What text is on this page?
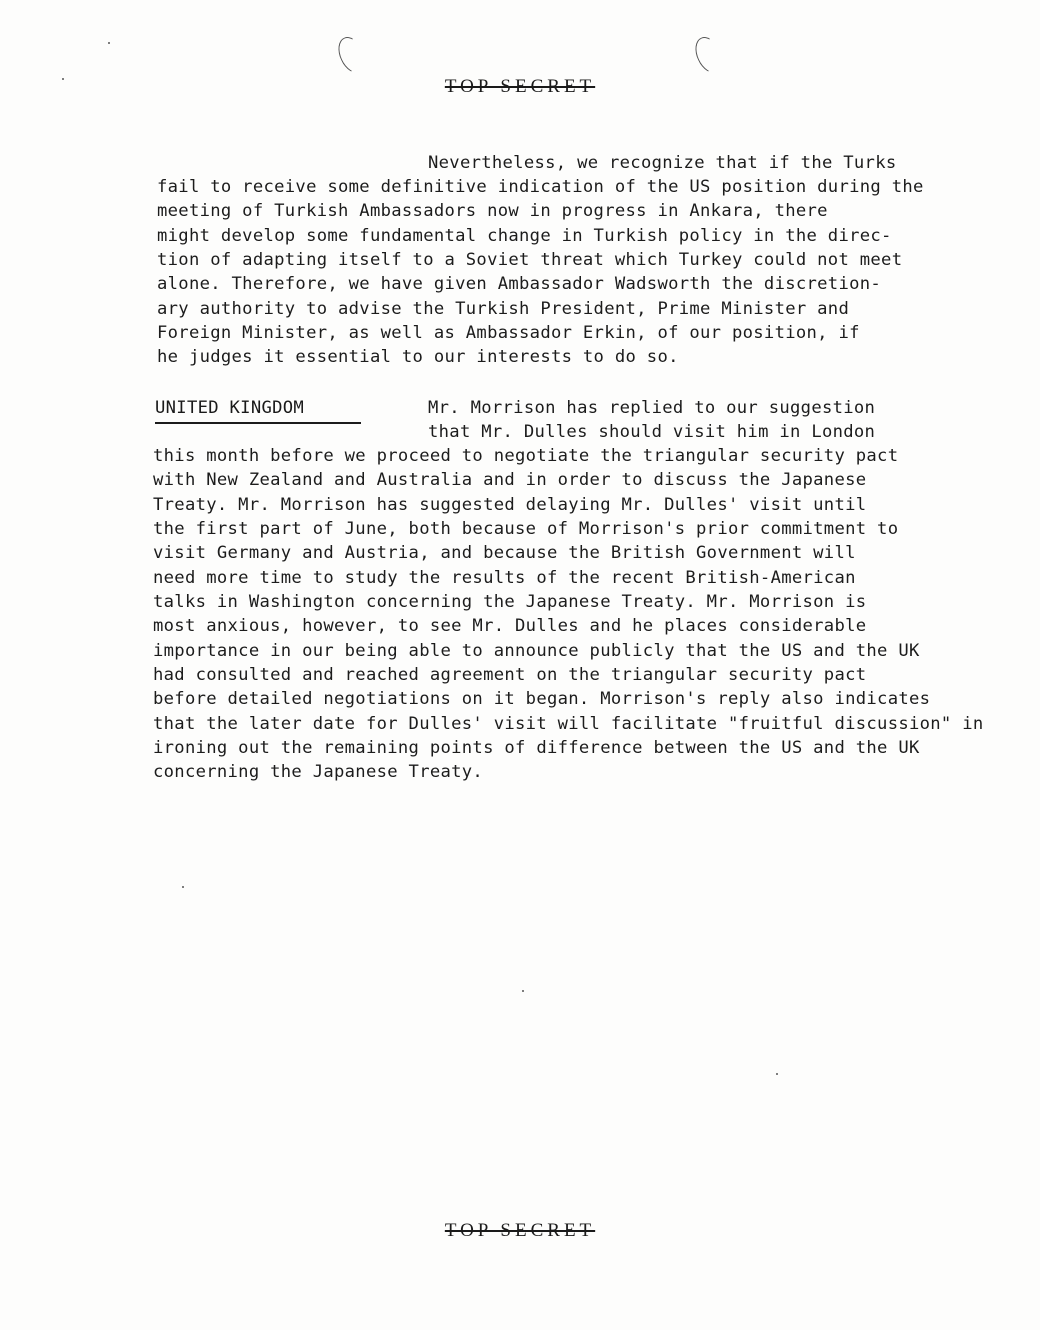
TOP SECRET
Nevertheless, we recognize that if the Turks
fail to receive some definitive indication of the US position during the
meeting of Turkish Ambassadors now in progress in Ankara, there
might develop some fundamental change in Turkish policy in the direc-
tion of adapting itself to a Soviet threat which Turkey could not meet
alone. Therefore, we have given Ambassador Wadsworth the discretion-
ary authority to advise the Turkish President, Prime Minister and
Foreign Minister, as well as Ambassador Erkin, of our position, if
he judges it essential to our interests to do so.
UNITED KINGDOM	Mr. Morrison has replied to our suggestion
that Mr. Dulles should visit him in London
this month before we proceed to negotiate the triangular security pact
with New Zealand and Australia and in order to discuss the Japanese
Treaty. Mr. Morrison has suggested delaying Mr. Dulles' visit until
the first part of June, both because of Morrison's prior commitment to
visit Germany and Austria, and because the British Government will
need more time to study the results of the recent British-American
talks in Washington concerning the Japanese Treaty. Mr. Morrison is
most anxious, however, to see Mr. Dulles and he places considerable
importance in our being able to announce publicly that the US and the UK
had consulted and reached agreement on the triangular security pact
before detailed negotiations on it began. Morrison's reply also indicates
that the later date for Dulles' visit will facilitate "fruitful discussion" in
ironing out the remaining points of difference between the US and the UK
concerning the Japanese Treaty.
TOP SECRET
